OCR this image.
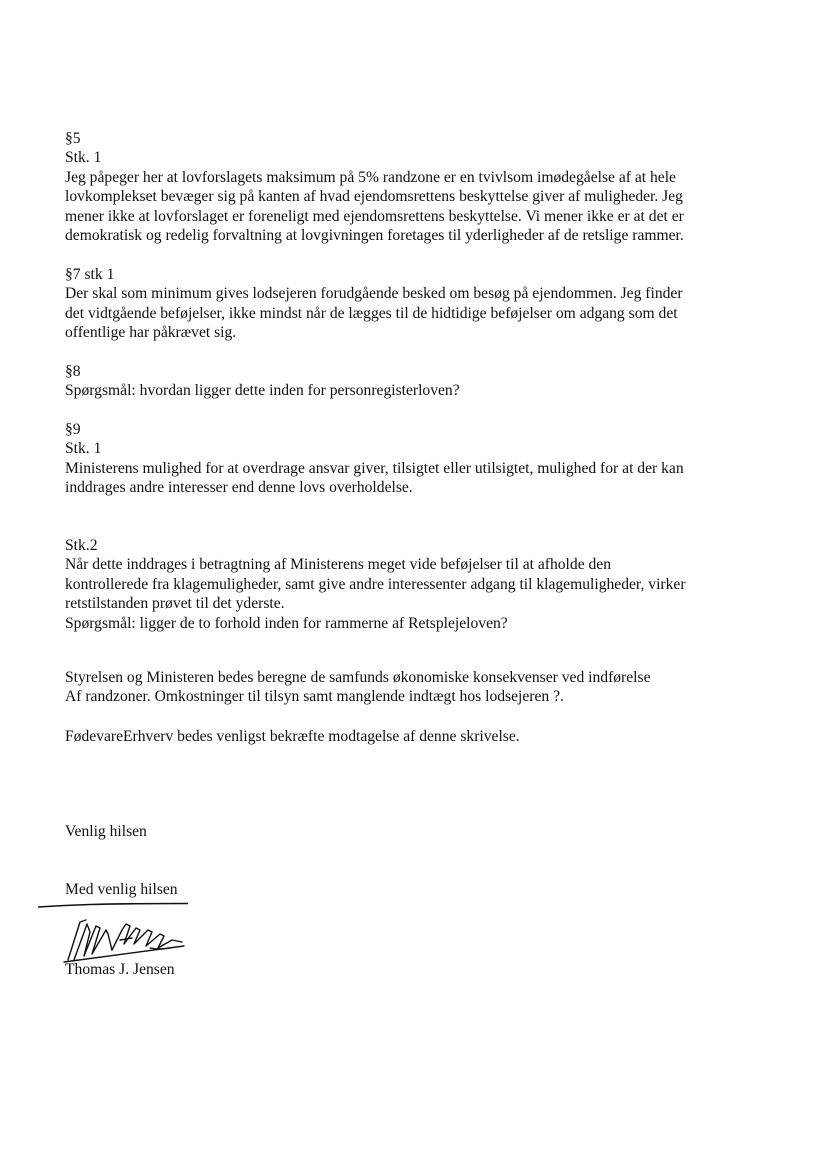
§5
Stk. 1
Jeg påpeger her at lovforslagets maksimum på 5% randzone er en tvivlsom imødegåelse af at hele
lovkomplekset bevæger sig på kanten af hvad ejendomsrettens beskyttelse giver af muligheder. Jeg
mener ikke at lovforslaget er foreneligt med ejendomsrettens beskyttelse. Vi mener ikke er at det er
demokratisk og redelig forvaltning at lovgivningen foretages til yderligheder af de retslige rammer.
§7 stk 1
Der skal som minimum gives lodsejeren forudgående besked om besøg på ejendommen. Jeg finder
det vidtgående beføjelser, ikke mindst når de lægges til de hidtidige beføjelser om adgang som det
offentlige har påkrævet sig.
§8
Spørgsmål: hvordan ligger dette inden for personregisterloven?
§9
Stk. 1
Ministerens mulighed for at overdrage ansvar giver, tilsigtet eller utilsigtet, mulighed for at der kan
inddrages andre interesser end denne lovs overholdelse.
Stk.2
Når dette inddrages i betragtning af Ministerens meget vide beføjelser til at afholde den
kontrollerede fra klagemuligheder, samt give andre interessenter adgang til klagemuligheder, virker
retstilstanden prøvet til det yderste.
Spørgsmål: ligger de to forhold inden for rammerne af Retsplejeloven?
Styrelsen og Ministeren bedes beregne de samfunds økonomiske konsekvenser ved indførelse
Af randzoner. Omkostninger til tilsyn samt manglende indtægt hos lodsejeren ?.
FødevareErhverv bedes venligst bekræfte modtagelse af denne skrivelse.
Venlig hilsen
Med venlig hilsen
Thomas J. Jensen
